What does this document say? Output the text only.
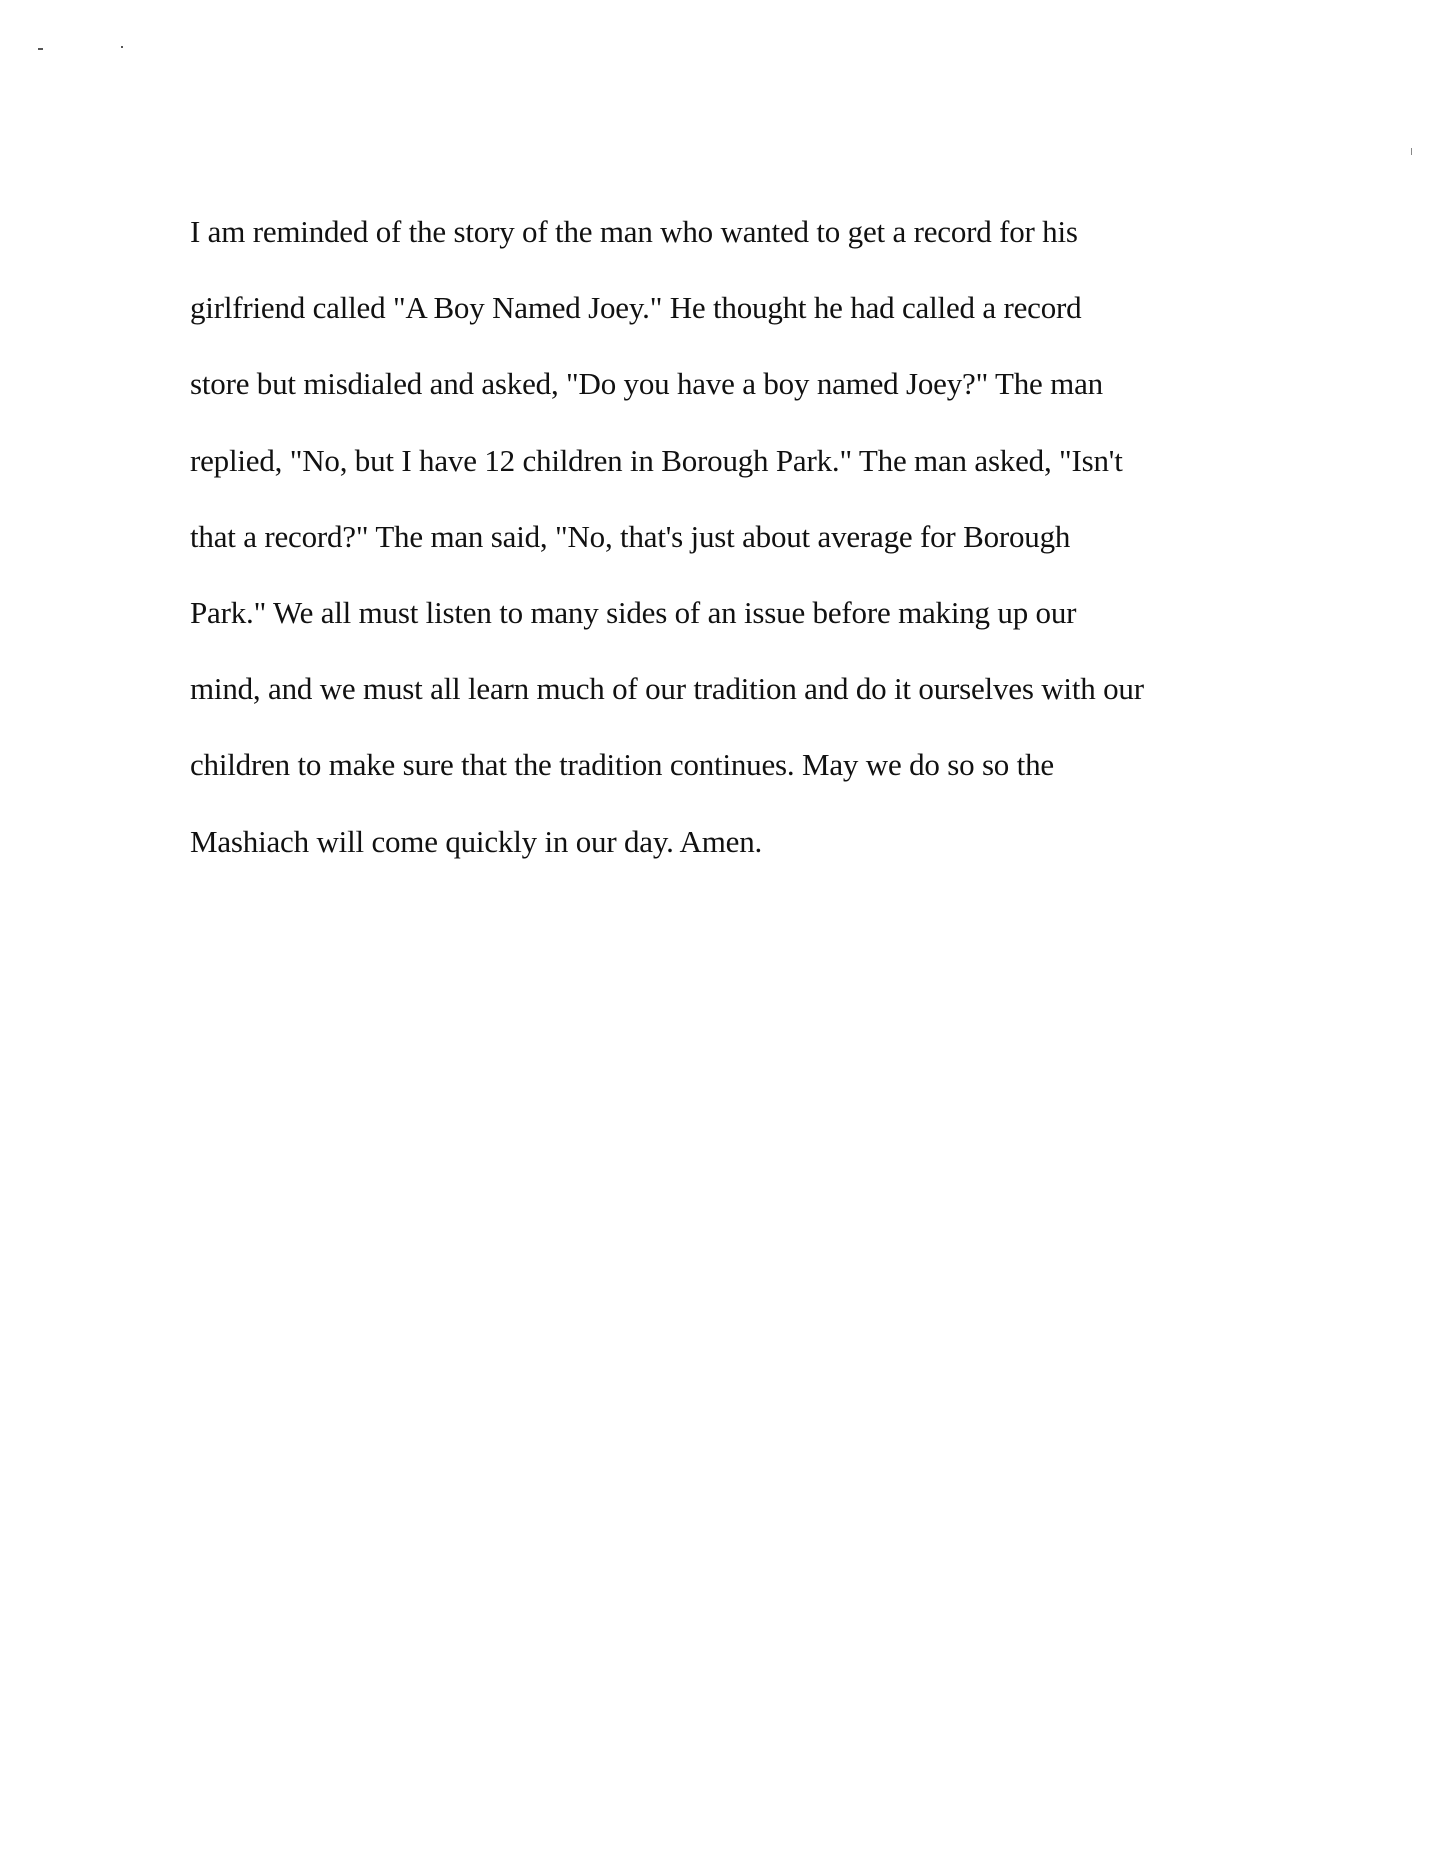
I am reminded of the story of the man who wanted to get a record for his
girlfriend called "A Boy Named Joey." He thought he had called a record
store but misdialed and asked, "Do you have a boy named Joey?" The man
replied, "No, but I have 12 children in Borough Park." The man asked, "Isn't
that a record?" The man said, "No, that's just about average for Borough
Park." We all must listen to many sides of an issue before making up our
mind, and we must all learn much of our tradition and do it ourselves with our
children to make sure that the tradition continues. May we do so so the
Mashiach will come quickly in our day. Amen.
